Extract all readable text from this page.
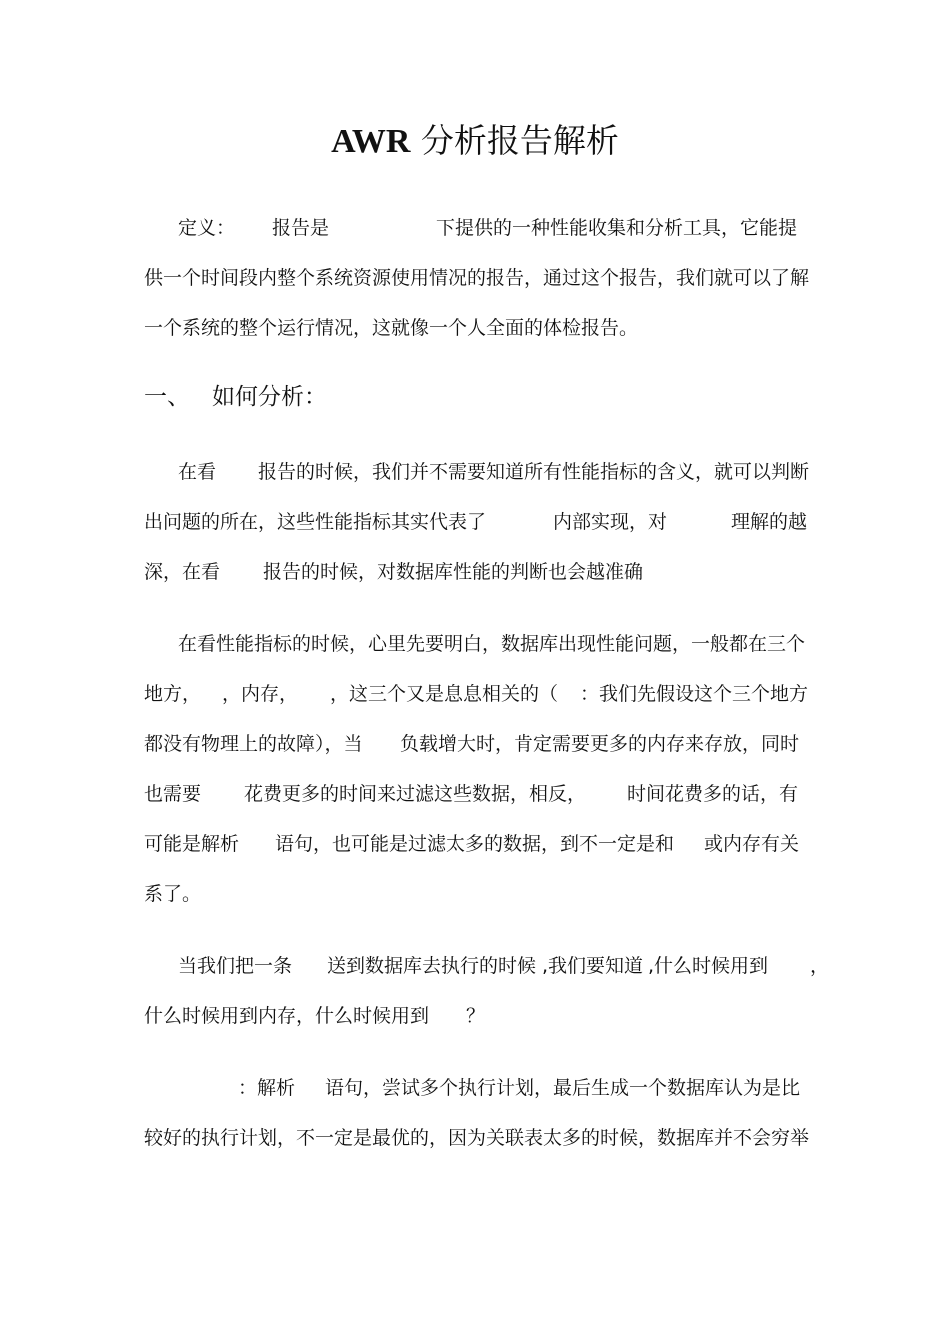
AWR 分析报告解析
定义： 报告是	下提供的一种性能收集和分析工具，它能提
供一个时间段内整个系统资源使用情况的报告，通过这个报告，我们就可以了解
一个系统的整个运行情况，这就像一个人全面的体检报告。
一、 如何分析：
在看 报告的时候，我们并不需要知道所有性能指标的含义，就可以判断
出问题的所在，这些性能指标其实代表了	内部实现，对	理解的越
深，在看 报告的时候，对数据库性能的判断也会越准确
在看性能指标的时候，心里先要明白，数据库出现性能问题，一般都在三个
地方， ，内存， ，这三个又是息息相关的（ ：我们先假设这个三个地方
都没有物理上的故障），当 负载增大时，肯定需要更多的内存来存放，同时
也需要 花费更多的时间来过滤这些数据，相反， 时间花费多的话，有
可能是解析 语句，也可能是过滤太多的数据，到不一定是和 或内存有关
系了。
当我们把一条 送到数据库去执行的时候 ,我们要知道 ,什么时候用到 ，
什么时候用到内存，什么时候用到 ？
：解析 语句，尝试多个执行计划，最后生成一个数据库认为是比
较好的执行计划，不一定是最优的，因为关联表太多的时候，数据库并不会穷举
